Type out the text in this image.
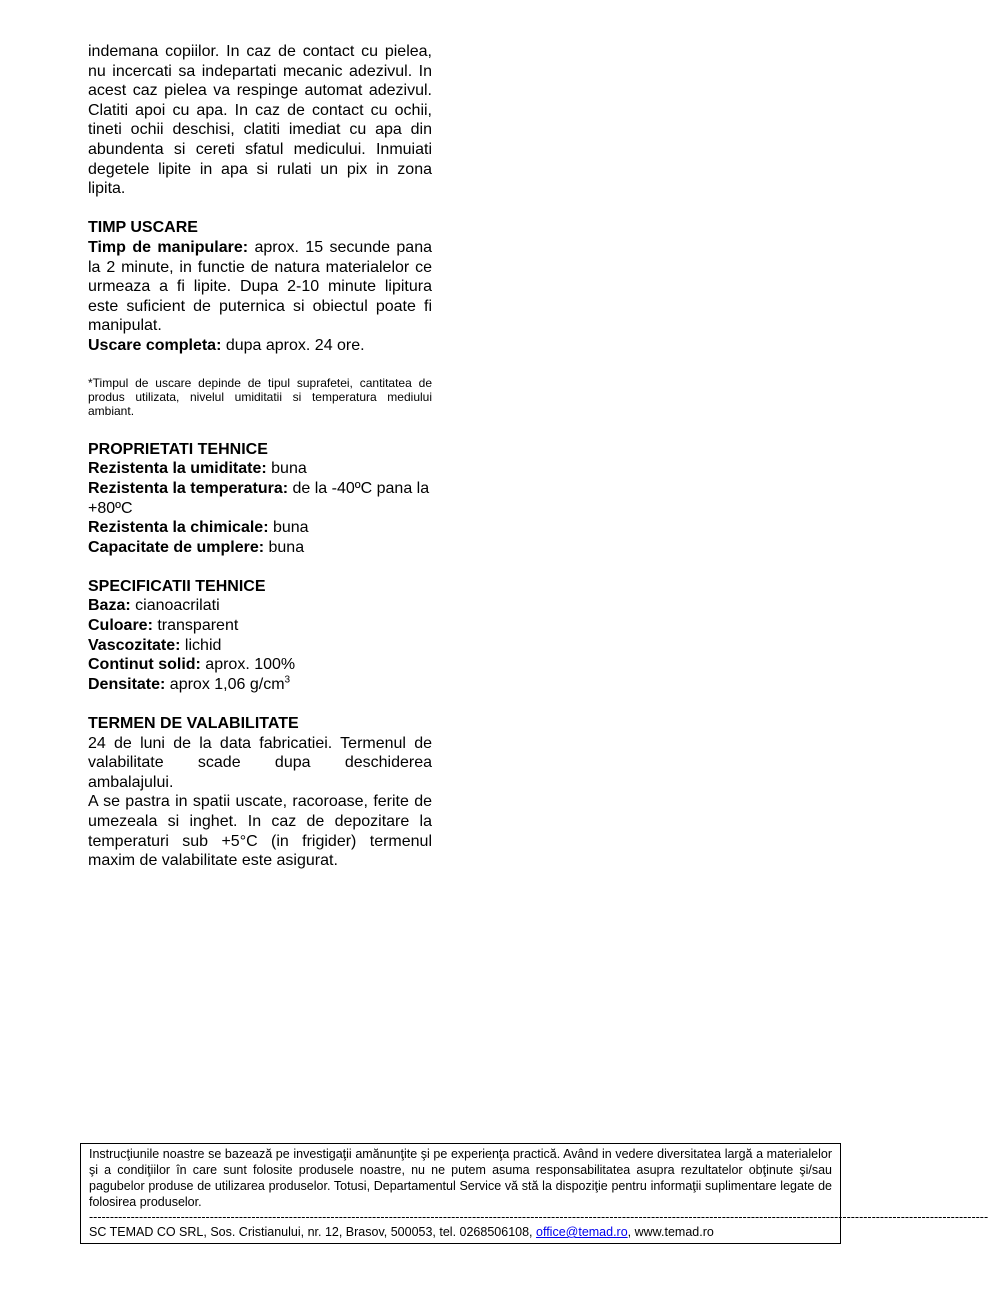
indemana copiilor. In caz de contact cu pielea, nu incercati sa indepartati mecanic adezivul. In acest caz pielea va respinge automat adezivul. Clatiti apoi cu apa. In caz de contact cu ochii, tineti ochii deschisi, clatiti imediat cu apa din abundenta si cereti sfatul medicului. Inmuiati degetele lipite in apa si rulati un pix in zona lipita.

TIMP USCARE

Timp de manipulare: aprox. 15 secunde pana la 2 minute, in functie de natura materialelor ce urmeaza a fi lipite. Dupa 2-10 minute lipitura este suficient de puternica si obiectul poate fi manipulat.

Uscare completa: dupa aprox. 24 ore.

*Timpul de uscare depinde de tipul suprafetei, cantitatea de produs utilizata, nivelul umiditatii si temperatura mediului ambiant.

PROPRIETATI TEHNICE

Rezistenta la umiditate: buna

Rezistenta la temperatura: de la -40ºC pana la +80ºC

Rezistenta la chimicale: buna

Capacitate de umplere: buna

SPECIFICATII TEHNICE

Baza: cianoacrilati

Culoare: transparent

Vascozitate: lichid

Continut solid: aprox. 100%

Densitate: aprox 1,06 $g/cm^3$

TERMEN DE VALABILITATE

24 de luni de la data fabricatiei. Termenul de valabilitate scade dupa deschiderea ambalajului.

A se pastra in spatii uscate, racoroase, ferite de umezeala si inghet. In caz de depozitare la temperaturi sub +5°C (in frigider) termenul maxim de valabilitate este asigurat.

Instrucţiunile noastre se bazează pe investigaţii amănunţite şi pe experienţa practică. Având in vedere diversitatea largă a materialelor şi a condiţiilor în care sunt folosite produsele noastre, nu ne putem asuma responsabilitatea asupra rezultatelor obţinute şi/sau pagubelor produse de utilizarea produselor. Totusi, Departamentul Service vă stă la dispoziţie pentru informaţii suplimentare legate de folosirea produselor.

------------------------------------------------------------------------------------------------------------------------------------------------------------------------------------------------------------------------

SC TEMAD CO SRL, Sos. Cristianului, nr. 12, Brasov, 500053, tel. 0268506108, office@temad.ro, www.temad.ro
